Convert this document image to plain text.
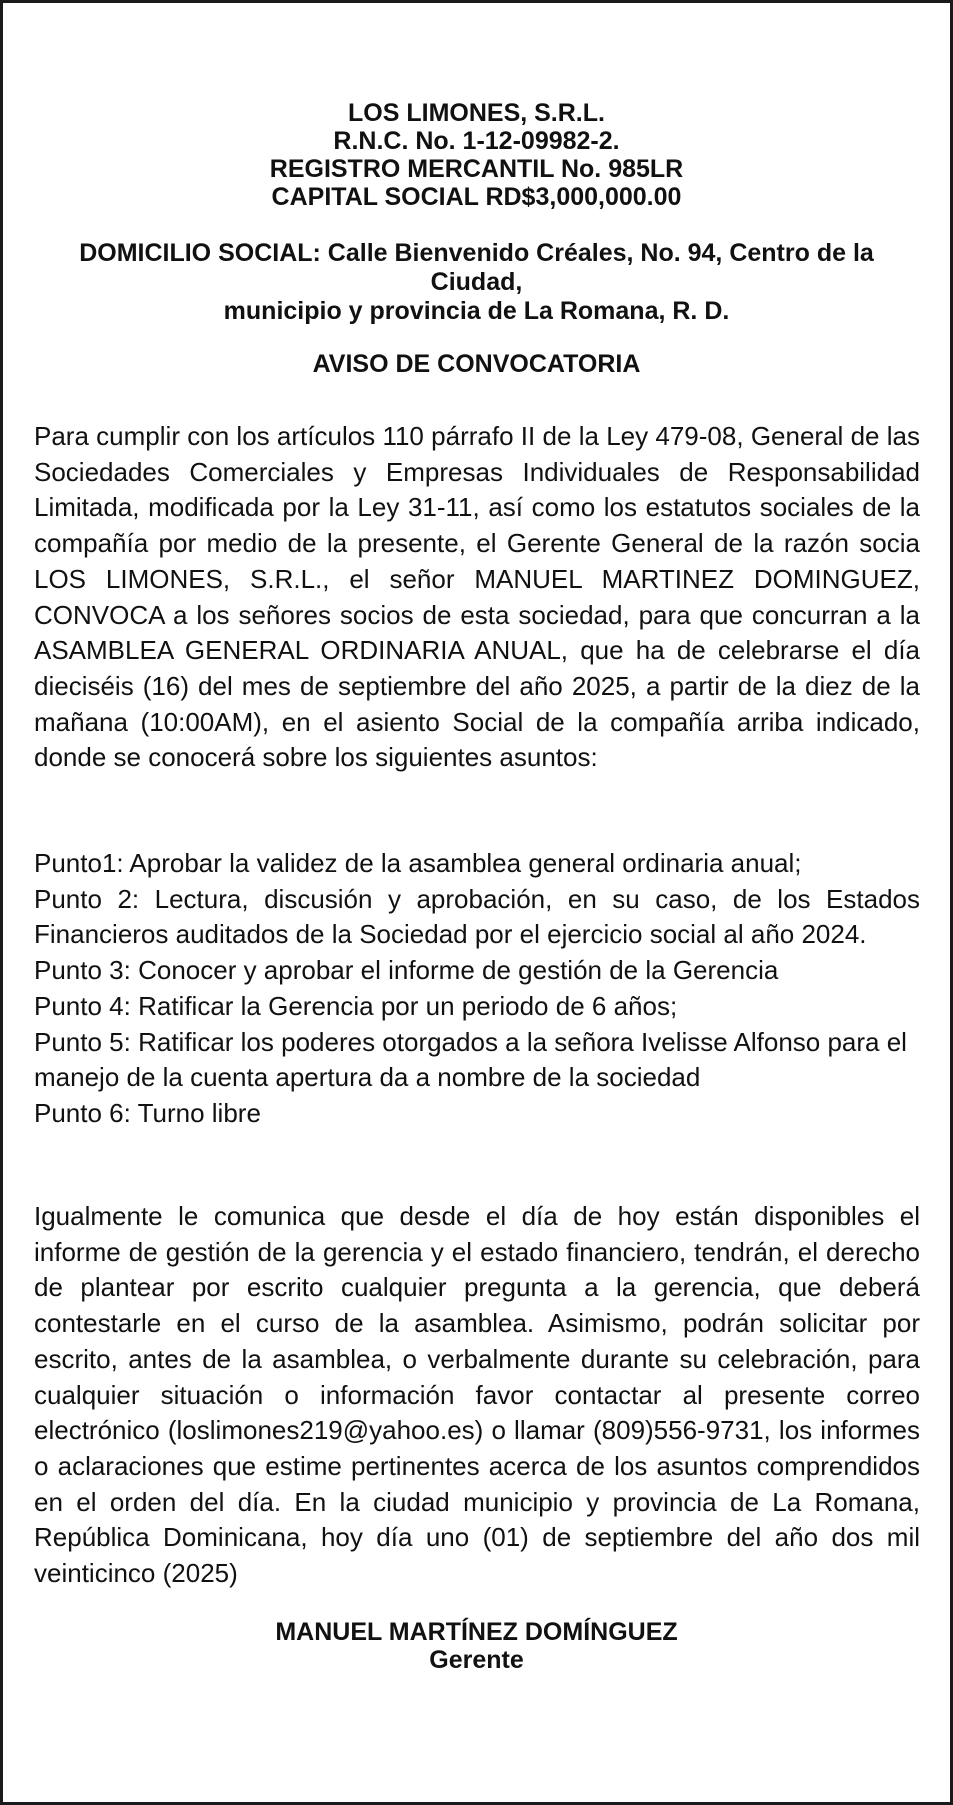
LOS LIMONES, S.R.L.
R.N.C. No. 1-12-09982-2.
REGISTRO MERCANTIL No. 985LR
CAPITAL SOCIAL RD$3,000,000.00
DOMICILIO SOCIAL: Calle Bienvenido Créales, No. 94, Centro de la Ciudad,
municipio y provincia de La Romana, R. D.
AVISO DE CONVOCATORIA
Para cumplir con los artículos 110 párrafo II de la Ley 479-08, General de las Sociedades Comerciales y Empresas Individuales de Responsabilidad Limitada, modificada por la Ley 31-11, así como los estatutos sociales de la compañía por medio de la presente, el Gerente General de la razón socia LOS LIMONES, S.R.L., el señor MANUEL MARTINEZ DOMINGUEZ, CONVOCA a los señores socios de esta sociedad, para que concurran a la ASAMBLEA GENERAL ORDINARIA ANUAL, que ha de celebrarse el día dieciséis (16) del mes de septiembre del año 2025, a partir de la diez de la mañana (10:00AM), en el asiento Social de la compañía arriba indicado, donde se conocerá sobre los siguientes asuntos:
Punto1: Aprobar la validez de la asamblea general ordinaria anual;
Punto 2: Lectura, discusión y aprobación, en su caso, de los Estados Financieros auditados de la Sociedad por el ejercicio social al año 2024.
Punto 3: Conocer y aprobar el informe de gestión de la Gerencia
Punto 4: Ratificar la Gerencia por un periodo de 6 años;
Punto 5: Ratificar los poderes otorgados a la señora Ivelisse Alfonso para el manejo de la cuenta apertura da a nombre de la sociedad
Punto 6: Turno libre
Igualmente le comunica que desde el día de hoy están disponibles el informe de gestión de la gerencia y el estado financiero, tendrán, el derecho de plantear por escrito cualquier pregunta a la gerencia, que deberá contestarle en el curso de la asamblea. Asimismo, podrán solicitar por escrito, antes de la asamblea, o verbalmente durante su celebración, para cualquier situación o información favor contactar al presente correo electrónico (loslimones219@yahoo.es) o llamar (809)556-9731, los informes o aclaraciones que estime pertinentes acerca de los asuntos comprendidos en el orden del día. En la ciudad municipio y provincia de La Romana, República Dominicana, hoy día uno (01) de septiembre del año dos mil veinticinco (2025)
MANUEL MARTÍNEZ DOMÍNGUEZ
Gerente
